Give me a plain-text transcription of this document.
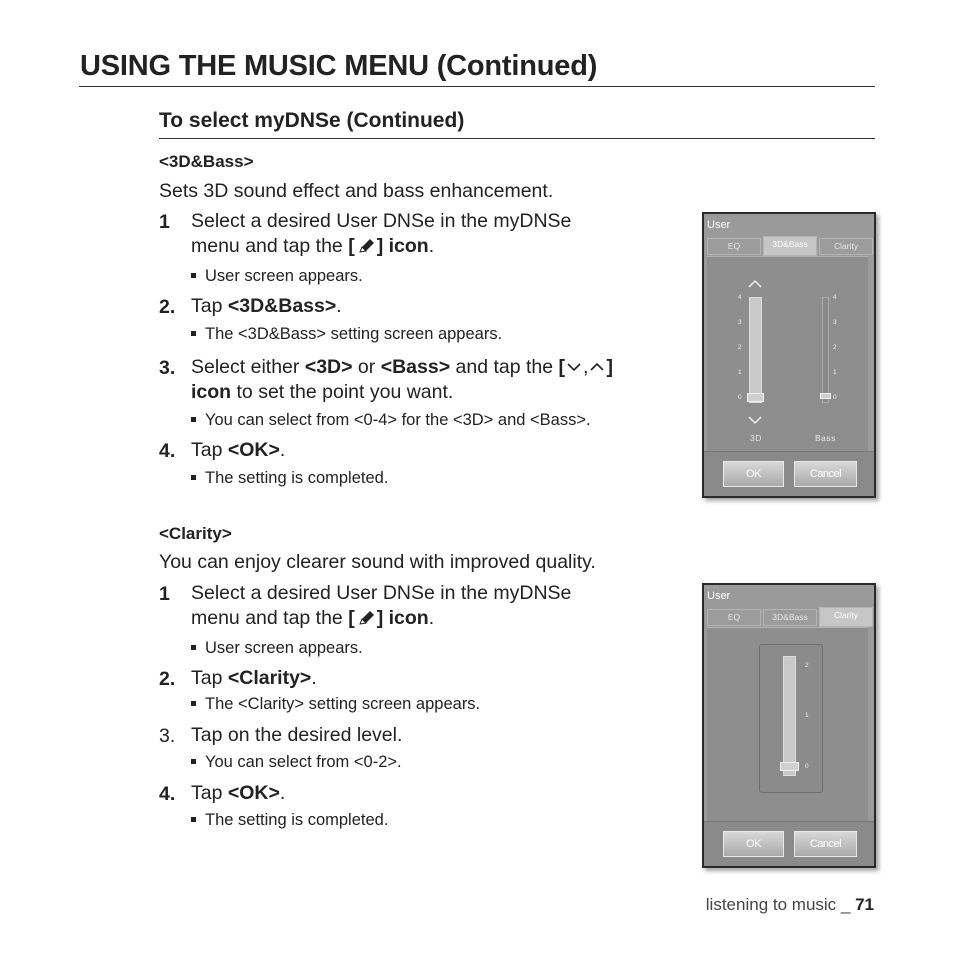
USING THE MUSIC MENU (Continued)
To select myDNSe (Continued)
<3D&Bass>
Sets 3D sound effect and bass enhancement.
1 Select a desired User DNSe in the myDNSe
menu and tap the [ ] icon.
User screen appears.
2. Tap <3D&Bass>.
The <3D&Bass> setting screen appears.
3. Select either <3D> or <Bass> and tap the [ , ]
icon to set the point you want.
You can select from <0-4> for the <3D> and <Bass>.
4. Tap <OK>.
The setting is completed.
<Clarity>
You can enjoy clearer sound with improved quality.
1 Select a desired User DNSe in the myDNSe
menu and tap the [ ] icon.
User screen appears.
2. Tap <Clarity>.
The <Clarity> setting screen appears.
3. Tap on the desired level.
You can select from <0-2>.
4. Tap <OK>.
The setting is completed.
User
EQ	3D&Bass	Clarity
4
3
2
1
0
3D
4
3
2
1
0
Bass
OK	Cancel
User
EQ	3D&Bass	Clarity
2
1
0
OK	Cancel
listening to music _ 71
